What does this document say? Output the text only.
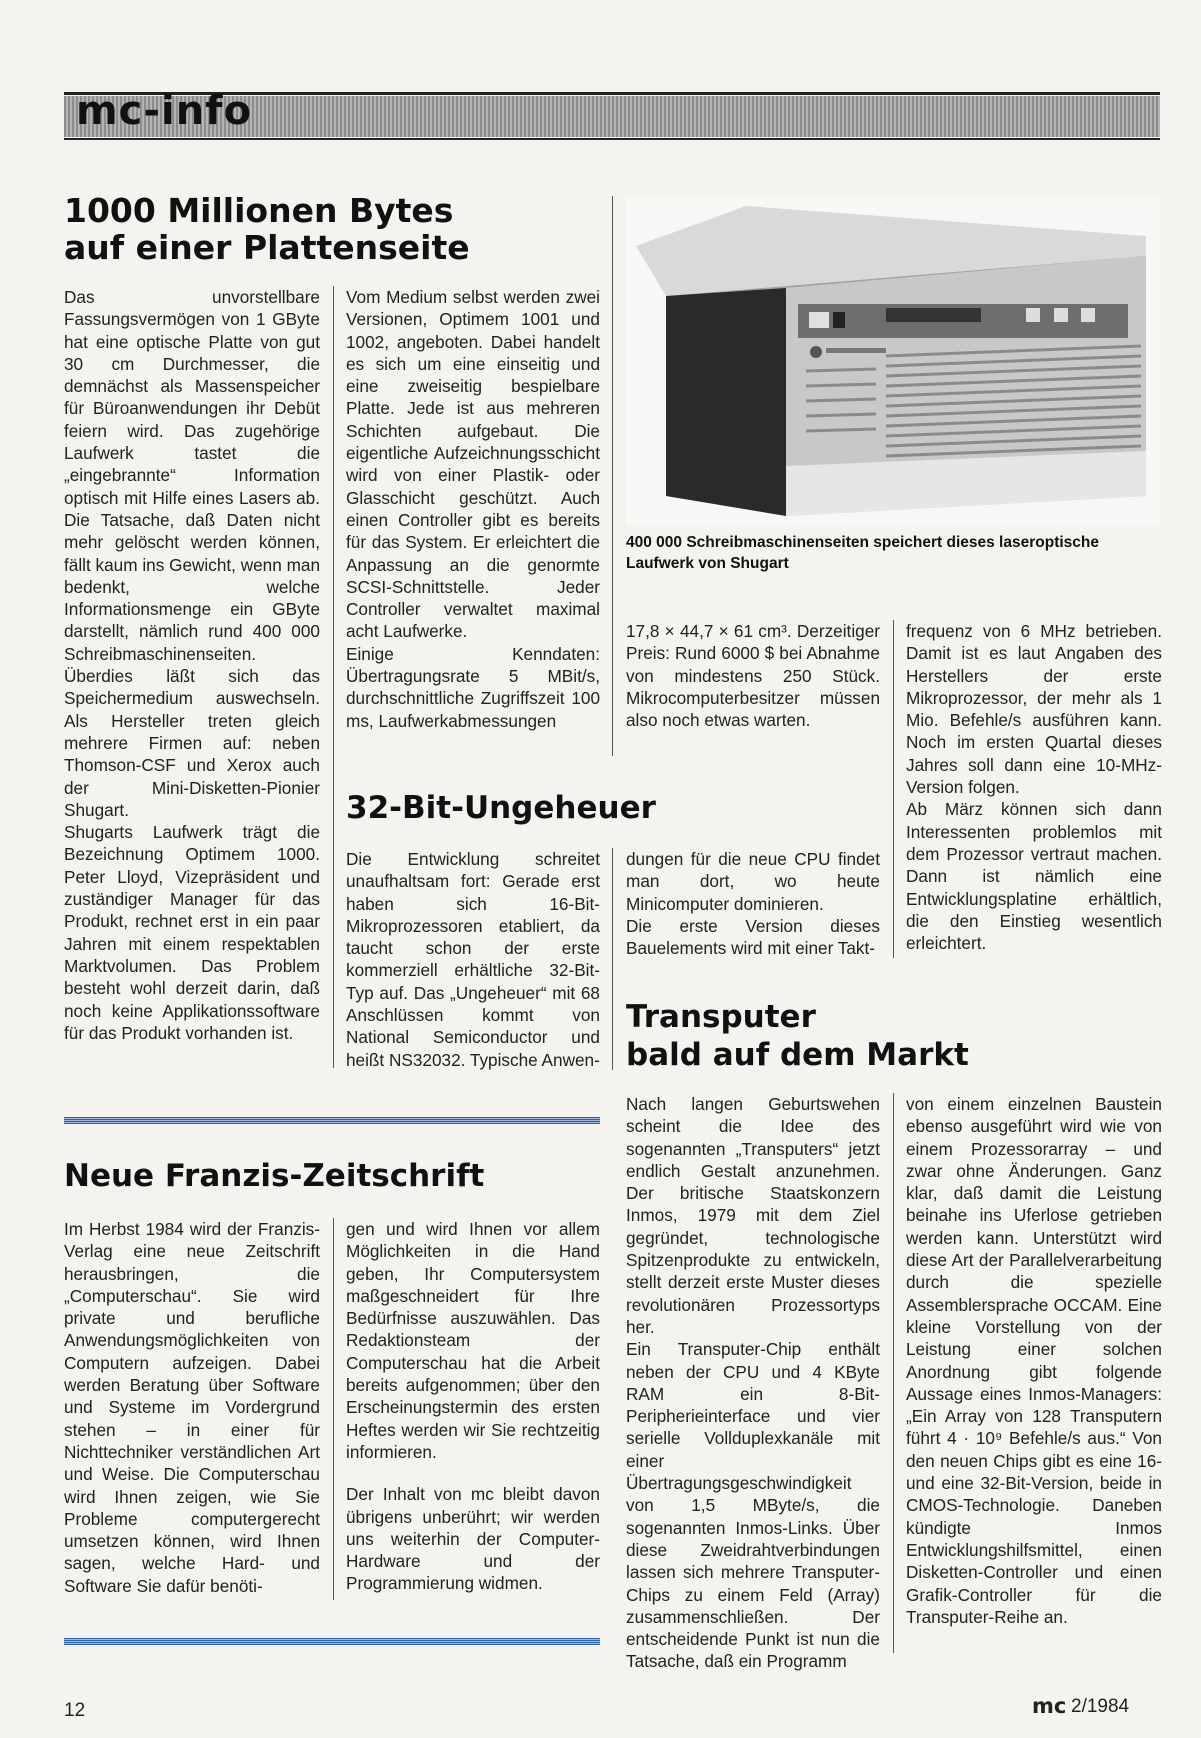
mc-info
1000 Millionen Bytes
auf einer Plattenseite

Das unvorstellbare Fassungsvermögen von 1 GByte hat eine optische Platte von gut 30 cm Durchmesser, die demnächst als Massenspeicher für Büroanwendungen ihr Debüt feiern wird. Das zugehörige Laufwerk tastet die „eingebrannte“ Information optisch mit Hilfe eines Lasers ab. Die Tatsache, daß Daten nicht mehr gelöscht werden können, fällt kaum ins Gewicht, wenn man bedenkt, welche Informationsmenge ein GByte darstellt, nämlich rund 400 000 Schreibmaschinenseiten. Überdies läßt sich das Speichermedium auswechseln. Als Hersteller treten gleich mehrere Firmen auf: neben Thomson-CSF und Xerox auch der Mini-Disketten-Pionier Shugart.

Shugarts Laufwerk trägt die Bezeichnung Optimem 1000. Peter Lloyd, Vizepräsident und zuständiger Manager für das Produkt, rechnet erst in ein paar Jahren mit einem respektablen Marktvolumen. Das Problem besteht wohl derzeit darin, daß noch keine Applikationssoftware für das Produkt vorhanden ist.

Vom Medium selbst werden zwei Versionen, Optimem 1001 und 1002, angeboten. Dabei handelt es sich um eine einseitig und eine zweiseitig bespielbare Platte. Jede ist aus mehreren Schichten aufgebaut. Die eigentliche Aufzeichnungsschicht wird von einer Plastik- oder Glasschicht geschützt. Auch einen Controller gibt es bereits für das System. Er erleichtert die Anpassung an die genormte SCSI-Schnittstelle. Jeder Controller verwaltet maximal acht Laufwerke.

Einige Kenndaten: Übertragungsrate 5 MBit/s, durchschnittliche Zugriffszeit 100 ms, Laufwerkabmessungen

400 000 Schreibmaschinenseiten speichert dieses laseroptische Laufwerk von Shugart
17,8 × 44,7 × 61 cm³. Derzeitiger Preis: Rund 6000 $ bei Abnahme von mindestens 250 Stück. Mikrocomputerbesitzer müssen also noch etwas warten.
32-Bit-Ungeheuer
Die Entwicklung schreitet unaufhaltsam fort: Gerade erst haben sich 16-Bit-Mikroprozessoren etabliert, da taucht schon der erste kommerziell erhältliche 32-Bit-Typ auf. Das „Ungeheuer“ mit 68 Anschlüssen kommt von National Semiconductor und heißt NS32032. Typische Anwen-

dungen für die neue CPU findet man dort, wo heute Minicomputer dominieren.

Die erste Version dieses Bauelements wird mit einer Takt-

frequenz von 6 MHz betrieben. Damit ist es laut Angaben des Herstellers der erste Mikroprozessor, der mehr als 1 Mio. Befehle/s ausführen kann. Noch im ersten Quartal dieses Jahres soll dann eine 10-MHz-Version folgen.

Ab März können sich dann Interessenten problemlos mit dem Prozessor vertraut machen. Dann ist nämlich eine Entwicklungsplatine erhältlich, die den Einstieg wesentlich erleichtert.

Neue Franzis-Zeitschrift
Im Herbst 1984 wird der Franzis-Verlag eine neue Zeitschrift herausbringen, die „Computerschau“. Sie wird private und berufliche Anwendungsmöglichkeiten von Computern aufzeigen. Dabei werden Beratung über Software und Systeme im Vordergrund stehen – in einer für Nichttechniker verständlichen Art und Weise. Die Computerschau wird Ihnen zeigen, wie Sie Probleme computergerecht umsetzen können, wird Ihnen sagen, welche Hard- und Software Sie dafür benöti-

gen und wird Ihnen vor allem Möglichkeiten in die Hand geben, Ihr Computersystem maßgeschneidert für Ihre Bedürfnisse auszuwählen. Das Redaktionsteam der Computerschau hat die Arbeit bereits aufgenommen; über den Erscheinungstermin des ersten Heftes werden wir Sie rechtzeitig informieren.

Der Inhalt von mc bleibt davon übrigens unberührt; wir werden uns weiterhin der Computer-Hardware und der Programmierung widmen.

Transputer
bald auf dem Markt

Nach langen Geburtswehen scheint die Idee des sogenannten „Transputers“ jetzt endlich Gestalt anzunehmen. Der britische Staatskonzern Inmos, 1979 mit dem Ziel gegründet, technologische Spitzenprodukte zu entwickeln, stellt derzeit erste Muster dieses revolutionären Prozessortyps her.

Ein Transputer-Chip enthält neben der CPU und 4 KByte RAM ein 8-Bit-Peripherieinterface und vier serielle Vollduplexkanäle mit einer Übertragungsgeschwindigkeit von 1,5 MByte/s, die sogenannten Inmos-Links. Über diese Zweidrahtverbindungen lassen sich mehrere Transputer-Chips zu einem Feld (Array) zusammenschließen. Der entscheidende Punkt ist nun die Tatsache, daß ein Programm

von einem einzelnen Baustein ebenso ausgeführt wird wie von einem Prozessorarray – und zwar ohne Änderungen. Ganz klar, daß damit die Leistung beinahe ins Uferlose getrieben werden kann. Unterstützt wird diese Art der Parallelverarbeitung durch die spezielle Assemblersprache OCCAM. Eine kleine Vorstellung von der Leistung einer solchen Anordnung gibt folgende Aussage eines Inmos-Managers: „Ein Array von 128 Transputern führt 4 · 10⁹ Befehle/s aus.“ Von den neuen Chips gibt es eine 16- und eine 32-Bit-Version, beide in CMOS-Technologie. Daneben kündigte Inmos Entwicklungshilfsmittel, einen Disketten-Controller und einen Grafik-Controller für die Transputer-Reihe an.
12	mc 2/1984
